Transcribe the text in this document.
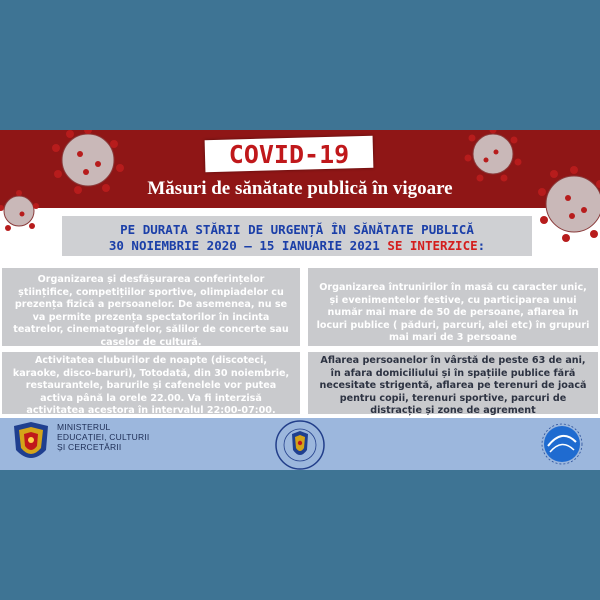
COVID-19
Măsuri de sănătate publică în vigoare
PE DURATA STĂRII DE URGENȚĂ ÎN SĂNĂTATE PUBLICĂ
30 NOIEMBRIE 2020 – 15 IANUARIE 2021 SE INTERZICE:
Organizarea și desfășurarea conferințelor științifice, competițiilor sportive, olimpiadelor cu prezența fizică a persoanelor. De asemenea, nu se va permite prezența spectatorilor în incinta teatrelor, cinematografelor, sălilor de concerte sau caselor de cultură.
Organizarea întrunirilor în masă cu caracter unic, și evenimentelor festive, cu participarea unui număr mai mare de 50 de persoane, aflarea în locuri publice ( păduri, parcuri, alei etc) în grupuri mai mari de 3 persoane
Activitatea cluburilor de noapte (discoteci, karaoke, disco-baruri), Totodată, din 30 noiembrie, restaurantele, barurile și cafenelele vor putea activa până la orele 22.00. Va fi interzisă activitatea acestora în intervalul 22:00-07:00.
Aflarea persoanelor în vârstă de peste 63 de ani, în afara domiciliului și în spațiile publice fără necesitate strigentă, aflarea pe terenuri de joacă pentru copii, terenuri sportive, parcuri de distracție și zone de agrement
MINISTERUL
EDUCAȚIEI, CULTURII
ȘI CERCETĂRII
